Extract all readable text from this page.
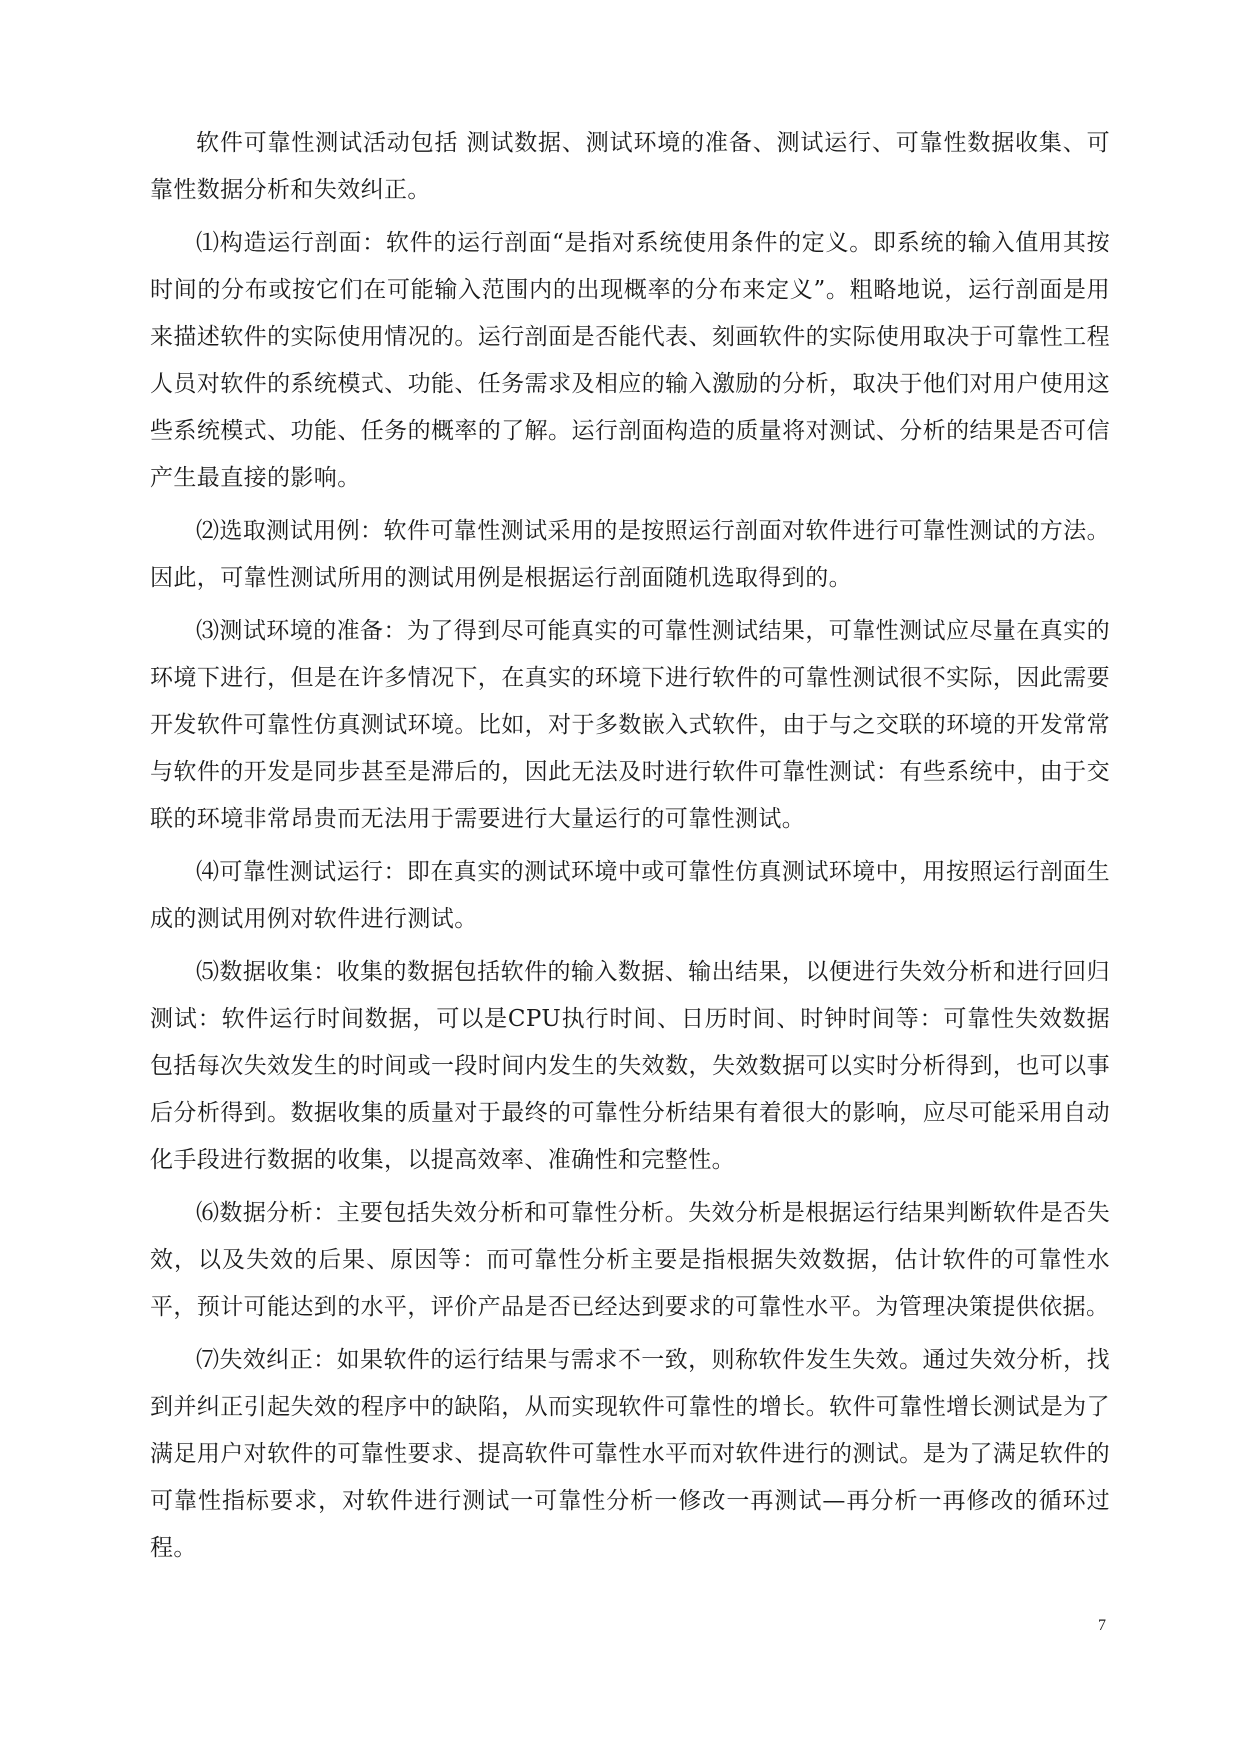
软件可靠性测试活动包括 测试数据、测试环境的准备、测试运行、可靠性数据收集、可靠性数据分析和失效纠正。

⑴构造运行剖面：软件的运行剖面“是指对系统使用条件的定义。即系统的输入值用其按时间的分布或按它们在可能输入范围内的出现概率的分布来定义”。粗略地说，运行剖面是用来描述软件的实际使用情况的。运行剖面是否能代表、刻画软件的实际使用取决于可靠性工程人员对软件的系统模式、功能、任务需求及相应的输入激励的分析，取决于他们对用户使用这些系统模式、功能、任务的概率的了解。运行剖面构造的质量将对测试、分析的结果是否可信产生最直接的影响。

⑵选取测试用例：软件可靠性测试采用的是按照运行剖面对软件进行可靠性测试的方法。因此，可靠性测试所用的测试用例是根据运行剖面随机选取得到的。

⑶测试环境的准备：为了得到尽可能真实的可靠性测试结果，可靠性测试应尽量在真实的环境下进行，但是在许多情况下，在真实的环境下进行软件的可靠性测试很不实际，因此需要开发软件可靠性仿真测试环境。比如，对于多数嵌入式软件，由于与之交联的环境的开发常常与软件的开发是同步甚至是滞后的，因此无法及时进行软件可靠性测试：有些系统中，由于交联的环境非常昂贵而无法用于需要进行大量运行的可靠性测试。

⑷可靠性测试运行：即在真实的测试环境中或可靠性仿真测试环境中，用按照运行剖面生成的测试用例对软件进行测试。

⑸数据收集：收集的数据包括软件的输入数据、输出结果，以便进行失效分析和进行回归测试：软件运行时间数据，可以是CPU执行时间、日历时间、时钟时间等：可靠性失效数据包括每次失效发生的时间或一段时间内发生的失效数，失效数据可以实时分析得到，也可以事后分析得到。数据收集的质量对于最终的可靠性分析结果有着很大的影响，应尽可能采用自动化手段进行数据的收集，以提高效率、准确性和完整性。

⑹数据分析：主要包括失效分析和可靠性分析。失效分析是根据运行结果判断软件是否失效，以及失效的后果、原因等：而可靠性分析主要是指根据失效数据，估计软件的可靠性水平，预计可能达到的水平，评价产品是否已经达到要求的可靠性水平。为管理决策提供依据。

⑺失效纠正：如果软件的运行结果与需求不一致，则称软件发生失效。通过失效分析，找到并纠正引起失效的程序中的缺陷，从而实现软件可靠性的增长。软件可靠性增长测试是为了满足用户对软件的可靠性要求、提高软件可靠性水平而对软件进行的测试。是为了满足软件的可靠性指标要求，对软件进行测试一可靠性分析一修改一再测试—再分析一再修改的循环过程。

7
